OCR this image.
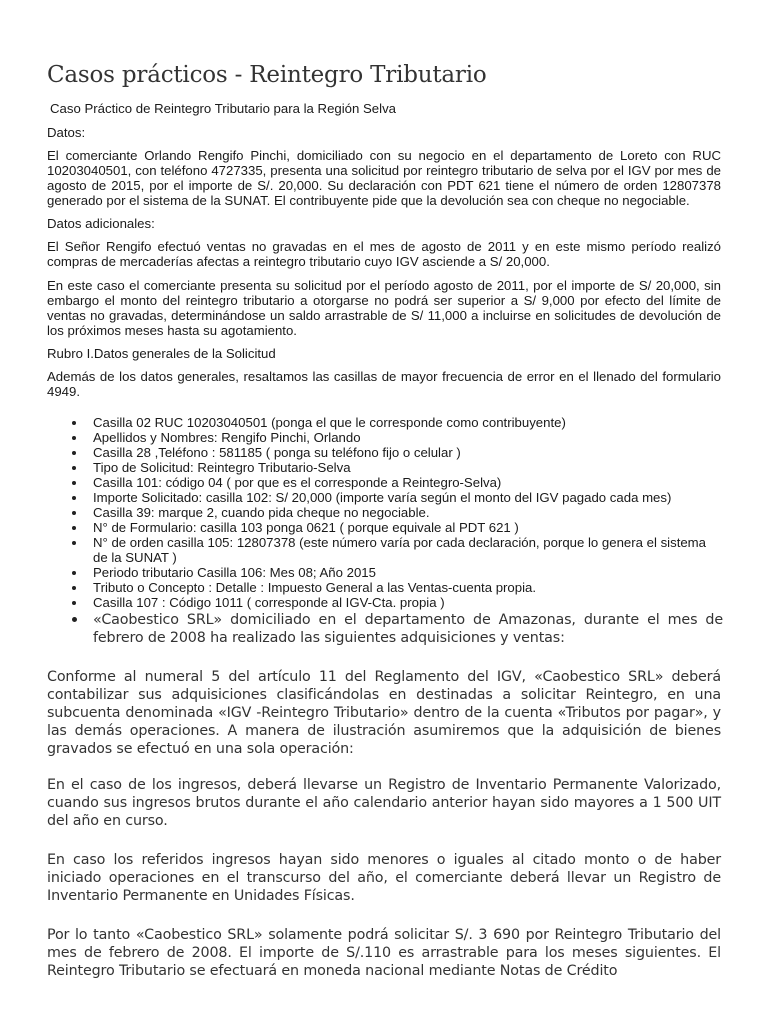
Casos prácticos - Reintegro Tributario

Caso Práctico de Reintegro Tributario para la Región Selva

Datos:

El comerciante Orlando Rengifo Pinchi, domiciliado con su negocio en el departamento de Loreto con RUC 10203040501, con teléfono 4727335, presenta una solicitud por reintegro tributario de selva por el IGV por mes de agosto de 2015, por el importe de S/. 20,000. Su declaración con PDT 621 tiene el número de orden 12807378 generado por el sistema de la SUNAT. El contribuyente pide que la devolución sea con cheque no negociable.

Datos adicionales:

El Señor Rengifo efectuó ventas no gravadas en el mes de agosto de 2011 y en este mismo período realizó compras de mercaderías afectas a reintegro tributario cuyo IGV asciende a S/ 20,000.

En este caso el comerciante presenta su solicitud por el período agosto de 2011, por el importe de S/ 20,000, sin embargo el monto del reintegro tributario a otorgarse no podrá ser superior a S/ 9,000 por efecto del límite de ventas no gravadas, determinándose un saldo arrastrable de S/ 11,000 a incluirse en solicitudes de devolución de los próximos meses hasta su agotamiento.

Rubro I.Datos generales de la Solicitud

Además de los datos generales, resaltamos las casillas de mayor frecuencia de error en el llenado del formulario 4949.

Casilla 02 RUC 10203040501 (ponga el que le corresponde como contribuyente)
Apellidos y Nombres: Rengifo Pinchi, Orlando
Casilla 28 ,Teléfono : 581185 ( ponga su teléfono fijo o celular )
Tipo de Solicitud: Reintegro Tributario-Selva
Casilla 101: código 04 ( por que es el corresponde a Reintegro-Selva)
Importe Solicitado: casilla 102: S/ 20,000 (importe varía según el monto del IGV pagado cada mes)
Casilla 39: marque 2, cuando pida cheque no negociable.
N° de Formulario: casilla 103 ponga 0621 ( porque equivale al PDT 621 )
N° de orden casilla 105: 12807378 (este número varía por cada declaración, porque lo genera el sistema de la SUNAT )
Periodo tributario Casilla 106: Mes 08; Año 2015
Tributo o Concepto : Detalle : Impuesto General a las Ventas-cuenta propia.
Casilla 107 : Código 1011 ( corresponde al IGV-Cta. propia )

«Caobestico SRL» domiciliado en el departamento de Amazonas, durante el mes de febrero de 2008 ha realizado las siguientes adquisiciones y ventas:

Conforme al numeral 5 del artículo 11 del Reglamento del IGV, «Caobestico SRL» deberá contabilizar sus adquisiciones clasificándolas en destinadas a solicitar Reintegro, en una subcuenta denominada «IGV -Reintegro Tributario» dentro de la cuenta «Tributos por pagar», y las demás operaciones. A manera de ilustración asumiremos que la adquisición de bienes gravados se efectuó en una sola operación:

En el caso de los ingresos, deberá llevarse un Registro de Inventario Permanente Valorizado, cuando sus ingresos brutos durante el año calendario anterior hayan sido mayores a 1 500 UIT del año en curso.

En caso los referidos ingresos hayan sido menores o iguales al citado monto o de haber iniciado operaciones en el transcurso del año, el comerciante deberá llevar un Registro de Inventario Permanente en Unidades Físicas.

Por lo tanto «Caobestico SRL» solamente podrá solicitar S/. 3 690 por Reintegro Tributario del mes de febrero de 2008. El importe de S/.110 es arrastrable para los meses siguientes. El Reintegro Tributario se efectuará en moneda nacional mediante Notas de Crédito
